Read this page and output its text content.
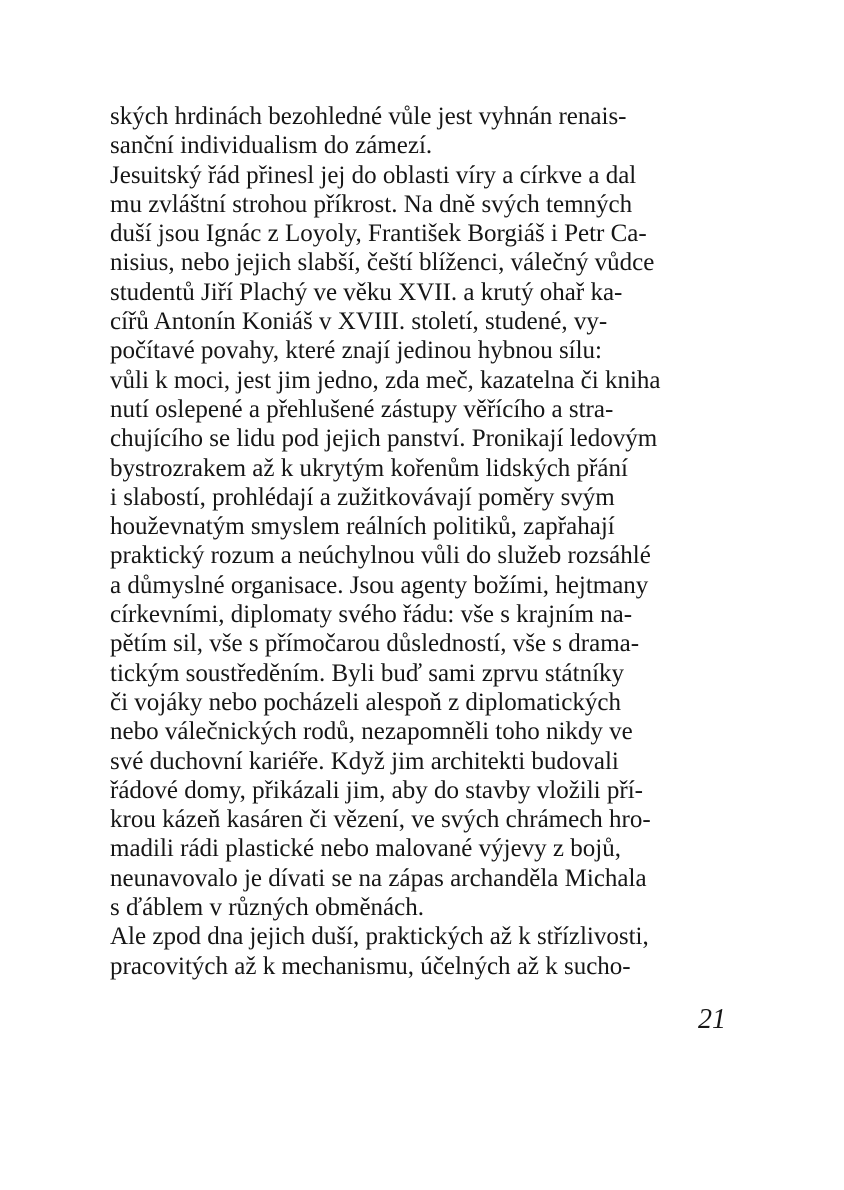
ských hrdinách bezohledné vůle jest vyhnán renais-
sanční individualism do zámezí.
Jesuitský řád přinesl jej do oblasti víry a církve a dal
mu zvláštní strohou příkrost. Na dně svých temných
duší jsou Ignác z Loyoly, František Borgiáš i Petr Ca-
nisius, nebo jejich slabší, čeští blíženci, válečný vůdce
studentů Jiří Plachý ve věku XVII. a krutý ohař ka-
cířů Antonín Koniáš v XVIII. století, studené, vy-
počítavé povahy, které znají jedinou hybnou sílu:
vůli k moci, jest jim jedno, zda meč, kazatelna či kniha
nutí oslepené a přehlušené zástupy věřícího a stra-
chujícího se lidu pod jejich panství. Pronikají ledovým
bystrozrakem až k ukrytým kořenům lidských přání
i slabostí, prohlédají a zužitkovávají poměry svým
houževnatým smyslem reálních politiků, zapřahají
praktický rozum a neúchylnou vůli do služeb rozsáhlé
a důmyslné organisace. Jsou agenty božími, hejtmany
církevními, diplomaty svého řádu: vše s krajním na-
pětím sil, vše s přímočarou důsledností, vše s drama-
tickým soustředěním. Byli buď sami zprvu státníky
či vojáky nebo pocházeli alespoň z diplomatických
nebo válečnických rodů, nezapomněli toho nikdy ve
své duchovní kariéře. Když jim architekti budovali
řádové domy, přikázali jim, aby do stavby vložili pří-
krou kázeň kasáren či vězení, ve svých chrámech hro-
madili rádi plastické nebo malované výjevy z bojů,
neunavovalo je dívati se na zápas archanděla Michala
s ďáblem v různých obměnách.
Ale zpod dna jejich duší, praktických až k střízlivosti,
pracovitých až k mechanismu, účelných až k sucho-
21
